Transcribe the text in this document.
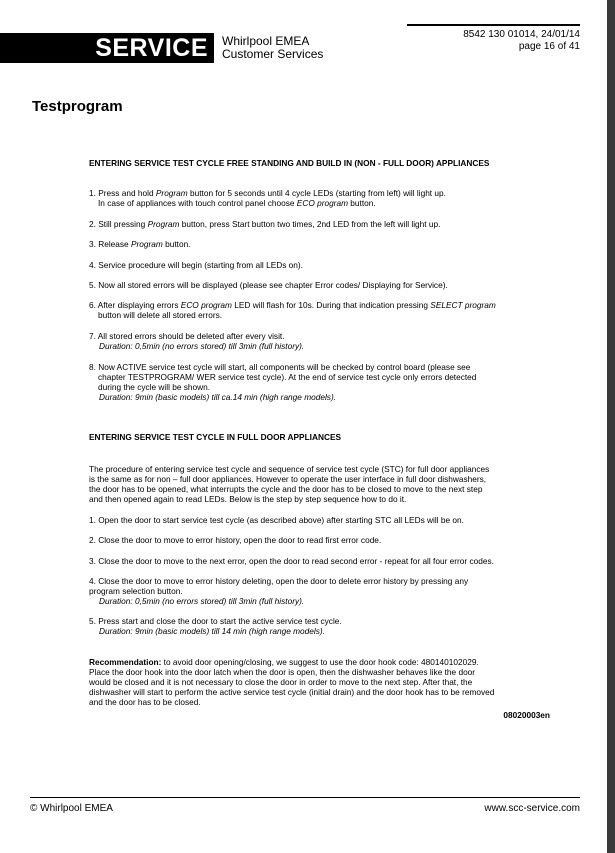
SERVICE	Whirlpool EMEA
Customer Services
8542 130 01014, 24/01/14
page 16 of 41
Testprogram
ENTERING SERVICE TEST CYCLE FREE STANDING AND BUILD IN (NON - FULL DOOR) APPLIANCES
1. Press and hold Program button for 5 seconds until 4 cycle LEDs (starting from left) will light up.
In case of appliances with touch control panel choose ECO program button.
2. Still pressing Program button, press Start button two times, 2nd LED from the left will light up.
3. Release Program button.
4. Service procedure will begin (starting from all LEDs on).
5. Now all stored errors will be displayed (please see chapter Error codes/ Displaying for Service).
6. After displaying errors ECO program LED will flash for 10s. During that indication pressing SELECT program
button will delete all stored errors.
7. All stored errors should be deleted after every visit.
Duration: 0,5min (no errors stored) till 3min (full history).
8. Now ACTIVE service test cycle will start, all components will be checked by control board (please see
chapter TESTPROGRAM/ WER service test cycle). At the end of service test cycle only errors detected
during the cycle will be shown.
Duration: 9min (basic models) till ca.14 min (high range models).
ENTERING SERVICE TEST CYCLE IN FULL DOOR APPLIANCES
The procedure of entering service test cycle and sequence of service test cycle (STC) for full door appliances
is the same as for non – full door appliances. However to operate the user interface in full door dishwashers,
the door has to be opened, what interrupts the cycle and the door has to be closed to move to the next step
and then opened again to read LEDs. Below is the step by step sequence how to do it.
1. Open the door to start service test cycle (as described above) after starting STC all LEDs will be on.
2. Close the door to move to error history, open the door to read first error code.
3. Close the door to move to the next error, open the door to read second error - repeat for all four error codes.
4. Close the door to move to error history deleting, open the door to delete error history by pressing any
program selection button.
Duration: 0,5min (no errors stored) till 3min (full history).
5. Press start and close the door to start the active service test cycle.
Duration: 9min (basic models) till 14 min (high range models).
Recommendation: to avoid door opening/closing, we suggest to use the door hook code: 480140102029.
Place the door hook into the door latch when the door is open, then the dishwasher behaves like the door
would be closed and it is not necessary to close the door in order to move to the next step. After that, the
dishwasher will start to perform the active service test cycle (initial drain) and the door hook has to be removed
and the door has to be closed.
08020003en
© Whirlpool EMEA	www.scc-service.com
